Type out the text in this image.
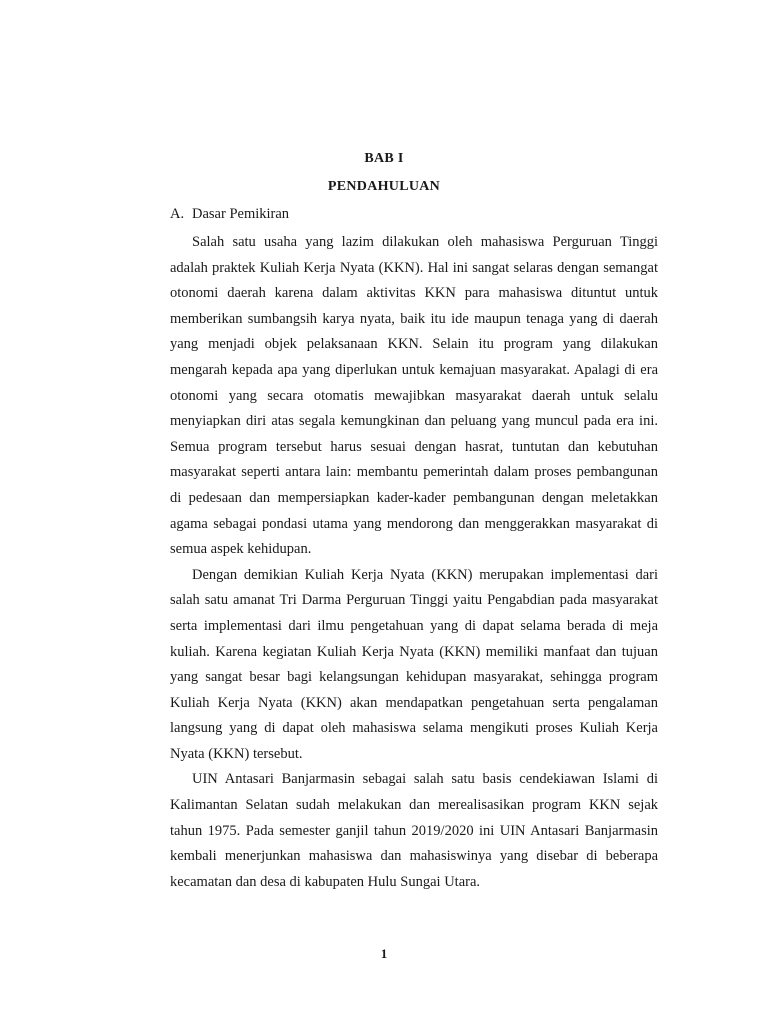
BAB I
PENDAHULUAN
A. Dasar Pemikiran

Salah satu usaha yang lazim dilakukan oleh mahasiswa Perguruan Tinggi adalah praktek Kuliah Kerja Nyata (KKN). Hal ini sangat selaras dengan semangat otonomi daerah karena dalam aktivitas KKN para mahasiswa dituntut untuk memberikan sumbangsih karya nyata, baik itu ide maupun tenaga yang di daerah yang menjadi objek pelaksanaan KKN. Selain itu program yang dilakukan mengarah kepada apa yang diperlukan untuk kemajuan masyarakat. Apalagi di era otonomi yang secara otomatis mewajibkan masyarakat daerah untuk selalu menyiapkan diri atas segala kemungkinan dan peluang yang muncul pada era ini. Semua program tersebut harus sesuai dengan hasrat, tuntutan dan kebutuhan masyarakat seperti antara lain: membantu pemerintah dalam proses pembangunan di pedesaan dan mempersiapkan kader-kader pembangunan dengan meletakkan agama sebagai pondasi utama yang mendorong dan menggerakkan masyarakat di semua aspek kehidupan.

Dengan demikian Kuliah Kerja Nyata (KKN) merupakan implementasi dari salah satu amanat Tri Darma Perguruan Tinggi yaitu Pengabdian pada masyarakat serta implementasi dari ilmu pengetahuan yang di dapat selama berada di meja kuliah. Karena kegiatan Kuliah Kerja Nyata (KKN) memiliki manfaat dan tujuan yang sangat besar bagi kelangsungan kehidupan masyarakat, sehingga program Kuliah Kerja Nyata (KKN) akan mendapatkan pengetahuan serta pengalaman langsung yang di dapat oleh mahasiswa selama mengikuti proses Kuliah Kerja Nyata (KKN) tersebut.

UIN Antasari Banjarmasin sebagai salah satu basis cendekiawan Islami di Kalimantan Selatan sudah melakukan dan merealisasikan program KKN sejak tahun 1975. Pada semester ganjil tahun 2019/2020 ini UIN Antasari Banjarmasin kembali menerjunkan mahasiswa dan mahasiswinya yang disebar di beberapa kecamatan dan desa di kabupaten Hulu Sungai Utara.

1
